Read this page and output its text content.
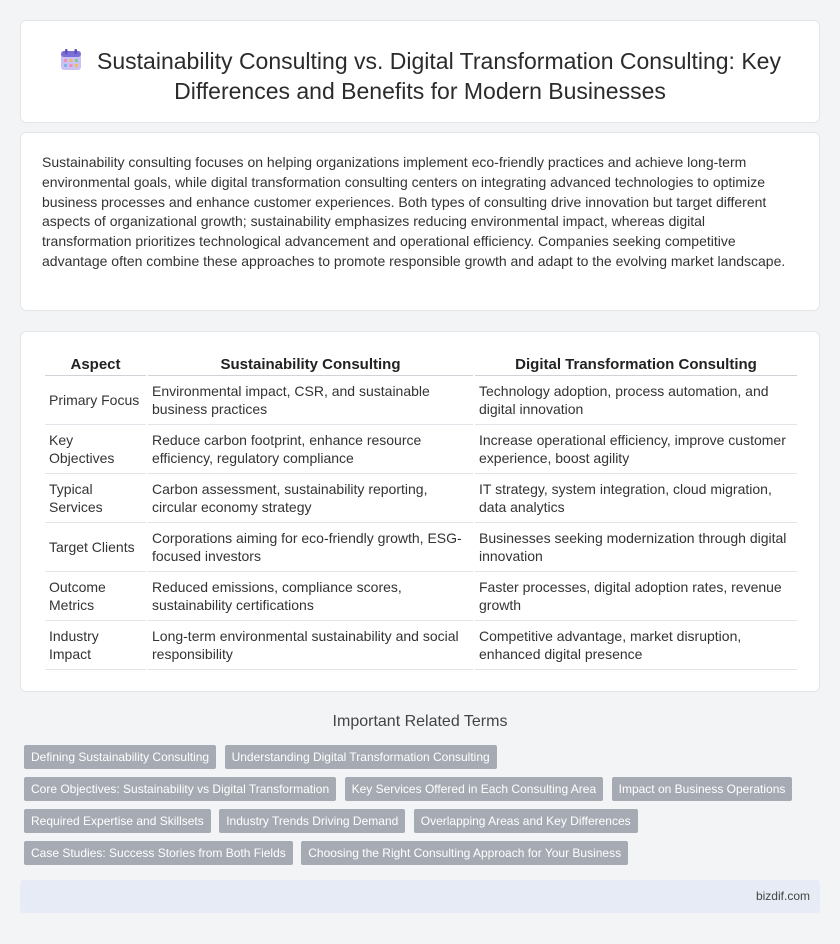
Sustainability Consulting vs. Digital Transformation Consulting: Key Differences and Benefits for Modern Businesses

Sustainability consulting focuses on helping organizations implement eco-friendly practices and achieve long-term environmental goals, while digital transformation consulting centers on integrating advanced technologies to optimize business processes and enhance customer experiences. Both types of consulting drive innovation but target different aspects of organizational growth; sustainability emphasizes reducing environmental impact, whereas digital transformation prioritizes technological advancement and operational efficiency. Companies seeking competitive advantage often combine these approaches to promote responsible growth and adapt to the evolving market landscape.

Aspect	Sustainability Consulting	Digital Transformation Consulting
Primary Focus	Environmental impact, CSR, and sustainable business practices	Technology adoption, process automation, and digital innovation
Key Objectives	Reduce carbon footprint, enhance resource efficiency, regulatory compliance	Increase operational efficiency, improve customer experience, boost agility
Typical Services	Carbon assessment, sustainability reporting, circular economy strategy	IT strategy, system integration, cloud migration, data analytics
Target Clients	Corporations aiming for eco-friendly growth, ESG-focused investors	Businesses seeking modernization through digital innovation
Outcome Metrics	Reduced emissions, compliance scores, sustainability certifications	Faster processes, digital adoption rates, revenue growth
Industry Impact	Long-term environmental sustainability and social responsibility	Competitive advantage, market disruption, enhanced digital presence
Important Related Terms
Defining Sustainability Consulting Understanding Digital Transformation Consulting
Core Objectives: Sustainability vs Digital Transformation Key Services Offered in Each Consulting Area Impact on Business Operations
Required Expertise and Skillsets Industry Trends Driving Demand Overlapping Areas and Key Differences
Case Studies: Success Stories from Both Fields Choosing the Right Consulting Approach for Your Business
bizdif.com
